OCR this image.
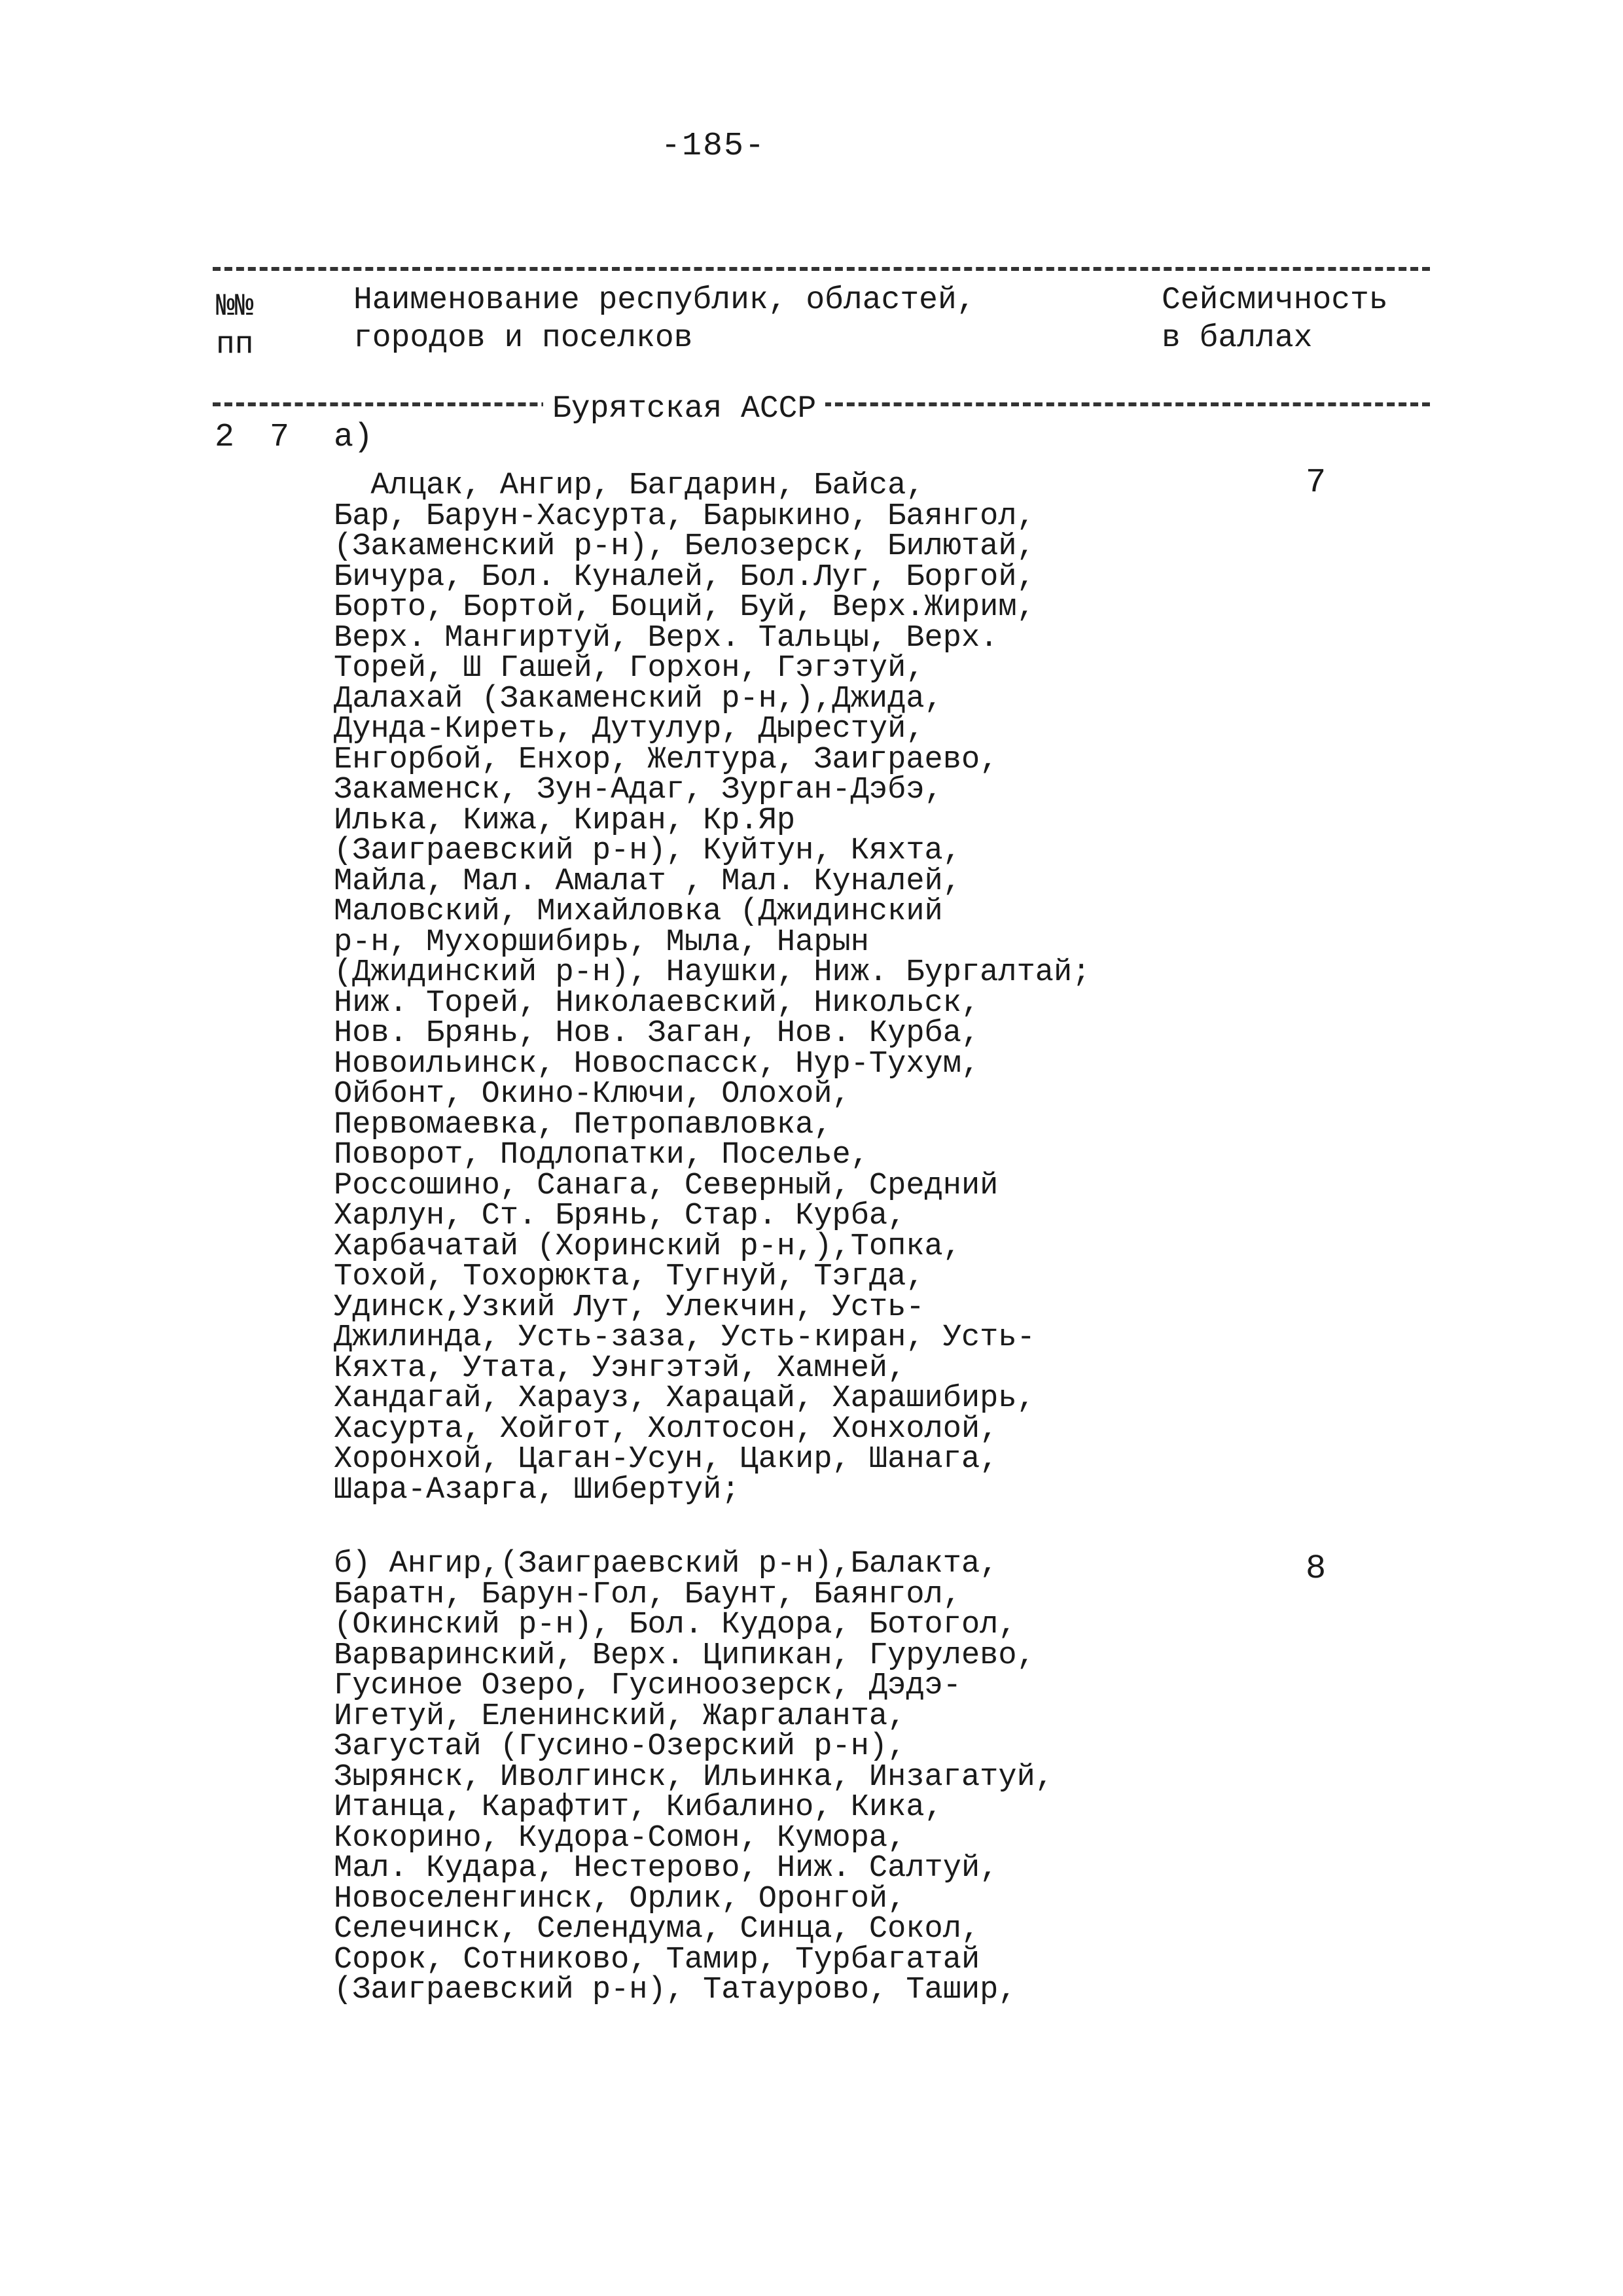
-185-
№№
пп
Наименование республик, областей,
городов и поселков
Сейсмичность
в баллах
Бурятская АССР
2 7 а)
Алцак, Ангир, Багдарин, Байса,
Бар, Барун-Хасурта, Барыкино, Баянгол,
(Закаменский р-н), Белозерск, Билютай,
Бичура, Бол. Куналей, Бол.Луг, Боргой,
Борто, Бортой, Боций, Буй, Верх.Жирим,
Верх. Мангиртуй, Верх. Тальцы, Верх.
Торей, Ш Гашей, Горхон, Гэгэтуй,
Далахай (Закаменский р-н,),Джида,
Дунда-Киреть, Дутулур, Дырестуй,
Енгорбой, Енхор, Желтура, Заиграево,
Закаменск, Зун-Адаг, Зурган-Дэбэ,
Илька, Кижа, Киран, Кр.Яр
(Заиграевский р-н), Куйтун, Кяхта,
Майла, Мал. Амалат , Мал. Куналей,
Маловский, Михайловка (Джидинский
р-н, Мухоршибирь, Мыла, Нарын
(Джидинский р-н), Наушки, Ниж. Бургалтай;
Ниж. Торей, Николаевский, Никольск,
Нов. Брянь, Нов. Заган, Нов. Курба,
Новоильинск, Новоспасск, Нур-Тухум,
Ойбонт, Окино-Ключи, Олохой,
Первомаевка, Петропавловка,
Поворот, Подлопатки, Поселье,
Россошино, Санага, Северный, Средний
Харлун, Ст. Брянь, Стар. Курба,
Харбачатай (Хоринский р-н,),Топка,
Тохой, Тохорюкта, Тугнуй, Тэгда,
Удинск,Узкий Лут, Улекчин, Усть-
Джилинда, Усть-заза, Усть-киран, Усть-
Кяхта, Утата, Уэнгэтэй, Хамней,
Хандагай, Харауз, Харацай, Харашибирь,
Хасурта, Хойгот, Холтосон, Хонхолой,
Хоронхой, Цаган-Усун, Цакир, Шанага,
Шара-Азарга, Шибертуй;
7
б) Ангир,(Заиграевский р-н),Балакта,
Баратн, Барун-Гол, Баунт, Баянгол,
(Окинский р-н), Бол. Кудора, Ботогол,
Варваринский, Верх. Ципикан, Гурулево,
Гусиное Озеро, Гусиноозерск, Дэдэ-
Игетуй, Еленинский, Жаргаланта,
Загустай (Гусино-Озерский р-н),
Зырянск, Иволгинск, Ильинка, Инзагатуй,
Итанца, Карафтит, Кибалино, Кика,
Кокорино, Кудора-Сомон, Кумора,
Мал. Кудара, Нестерово, Ниж. Салтуй,
Новоселенгинск, Орлик, Оронгой,
Селечинск, Селендума, Синца, Сокол,
Сорок, Сотниково, Тамир, Турбагатай
(Заиграевский р-н), Татаурово, Ташир,
8
